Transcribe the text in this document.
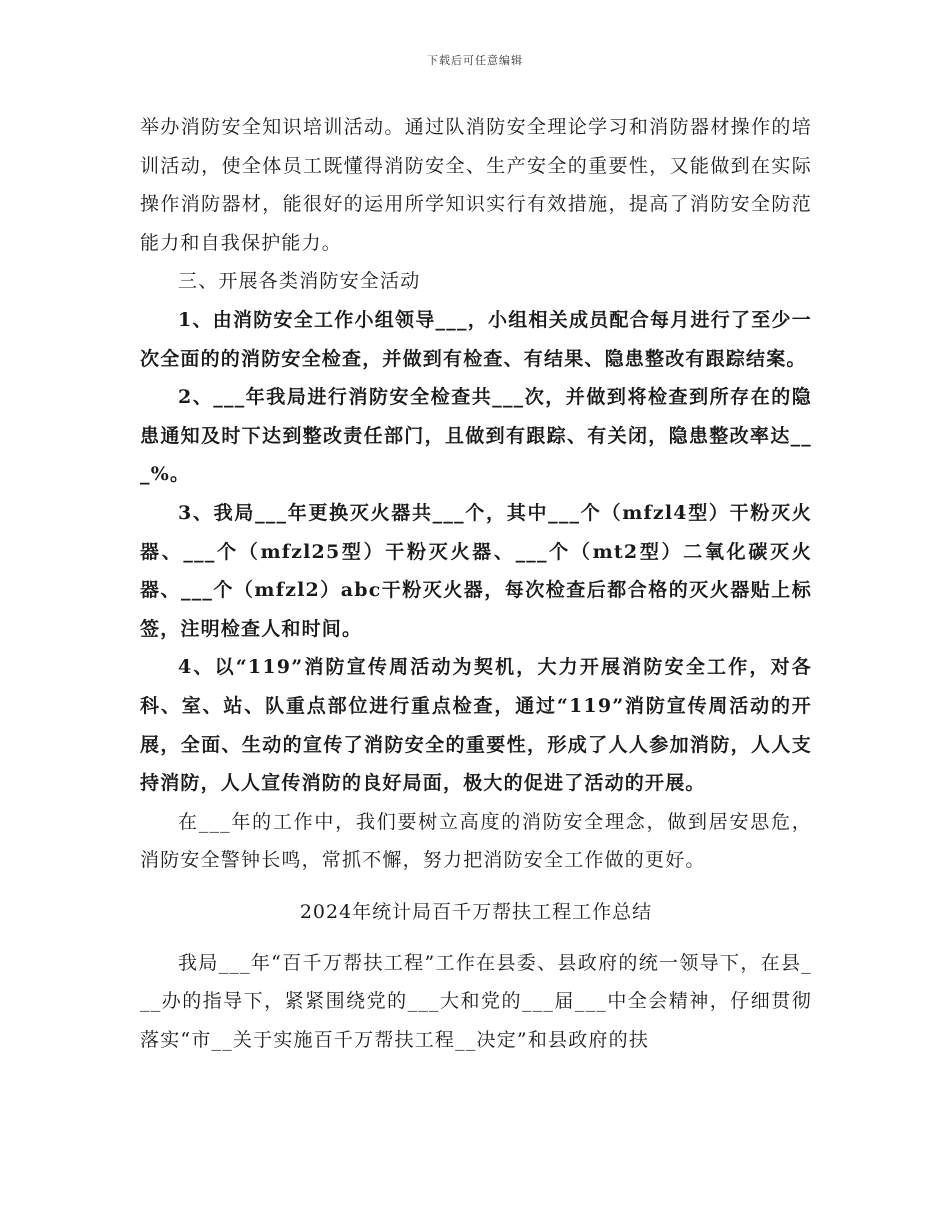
下载后可任意编辑

举办消防安全知识培训活动。通过队消防安全理论学习和消防器材操作的培训活动，使全体员工既懂得消防安全、生产安全的重要性，又能做到在实际操作消防器材，能很好的运用所学知识实行有效措施，提高了消防安全防范能力和自我保护能力。

三、开展各类消防安全活动

1、由消防安全工作小组领导___，小组相关成员配合每月进行了至少一次全面的的消防安全检查，并做到有检查、有结果、隐患整改有跟踪结案。

2、___年我局进行消防安全检查共___次，并做到将检查到所存在的隐患通知及时下达到整改责任部门，且做到有跟踪、有关闭，隐患整改率达___%。

3、我局___年更换灭火器共___个，其中___个（mfzl4型）干粉灭火器、___个（mfzl25型）干粉灭火器、___个（mt2型）二氧化碳灭火器、___个（mfzl2）abc干粉灭火器，每次检查后都合格的灭火器贴上标签，注明检查人和时间。

4、以“119”消防宣传周活动为契机，大力开展消防安全工作，对各科、室、站、队重点部位进行重点检查，通过“119”消防宣传周活动的开展，全面、生动的宣传了消防安全的重要性，形成了人人参加消防，人人支持消防，人人宣传消防的良好局面，极大的促进了活动的开展。

在___年的工作中，我们要树立高度的消防安全理念，做到居安思危，消防安全警钟长鸣，常抓不懈，努力把消防安全工作做的更好。

2024年统计局百千万帮扶工程工作总结

我局___年“百千万帮扶工程”工作在县委、县政府的统一领导下，在县___办的指导下，紧紧围绕党的___大和党的___届___中全会精神，仔细贯彻落实“市__关于实施百千万帮扶工程__决定”和县政府的扶
